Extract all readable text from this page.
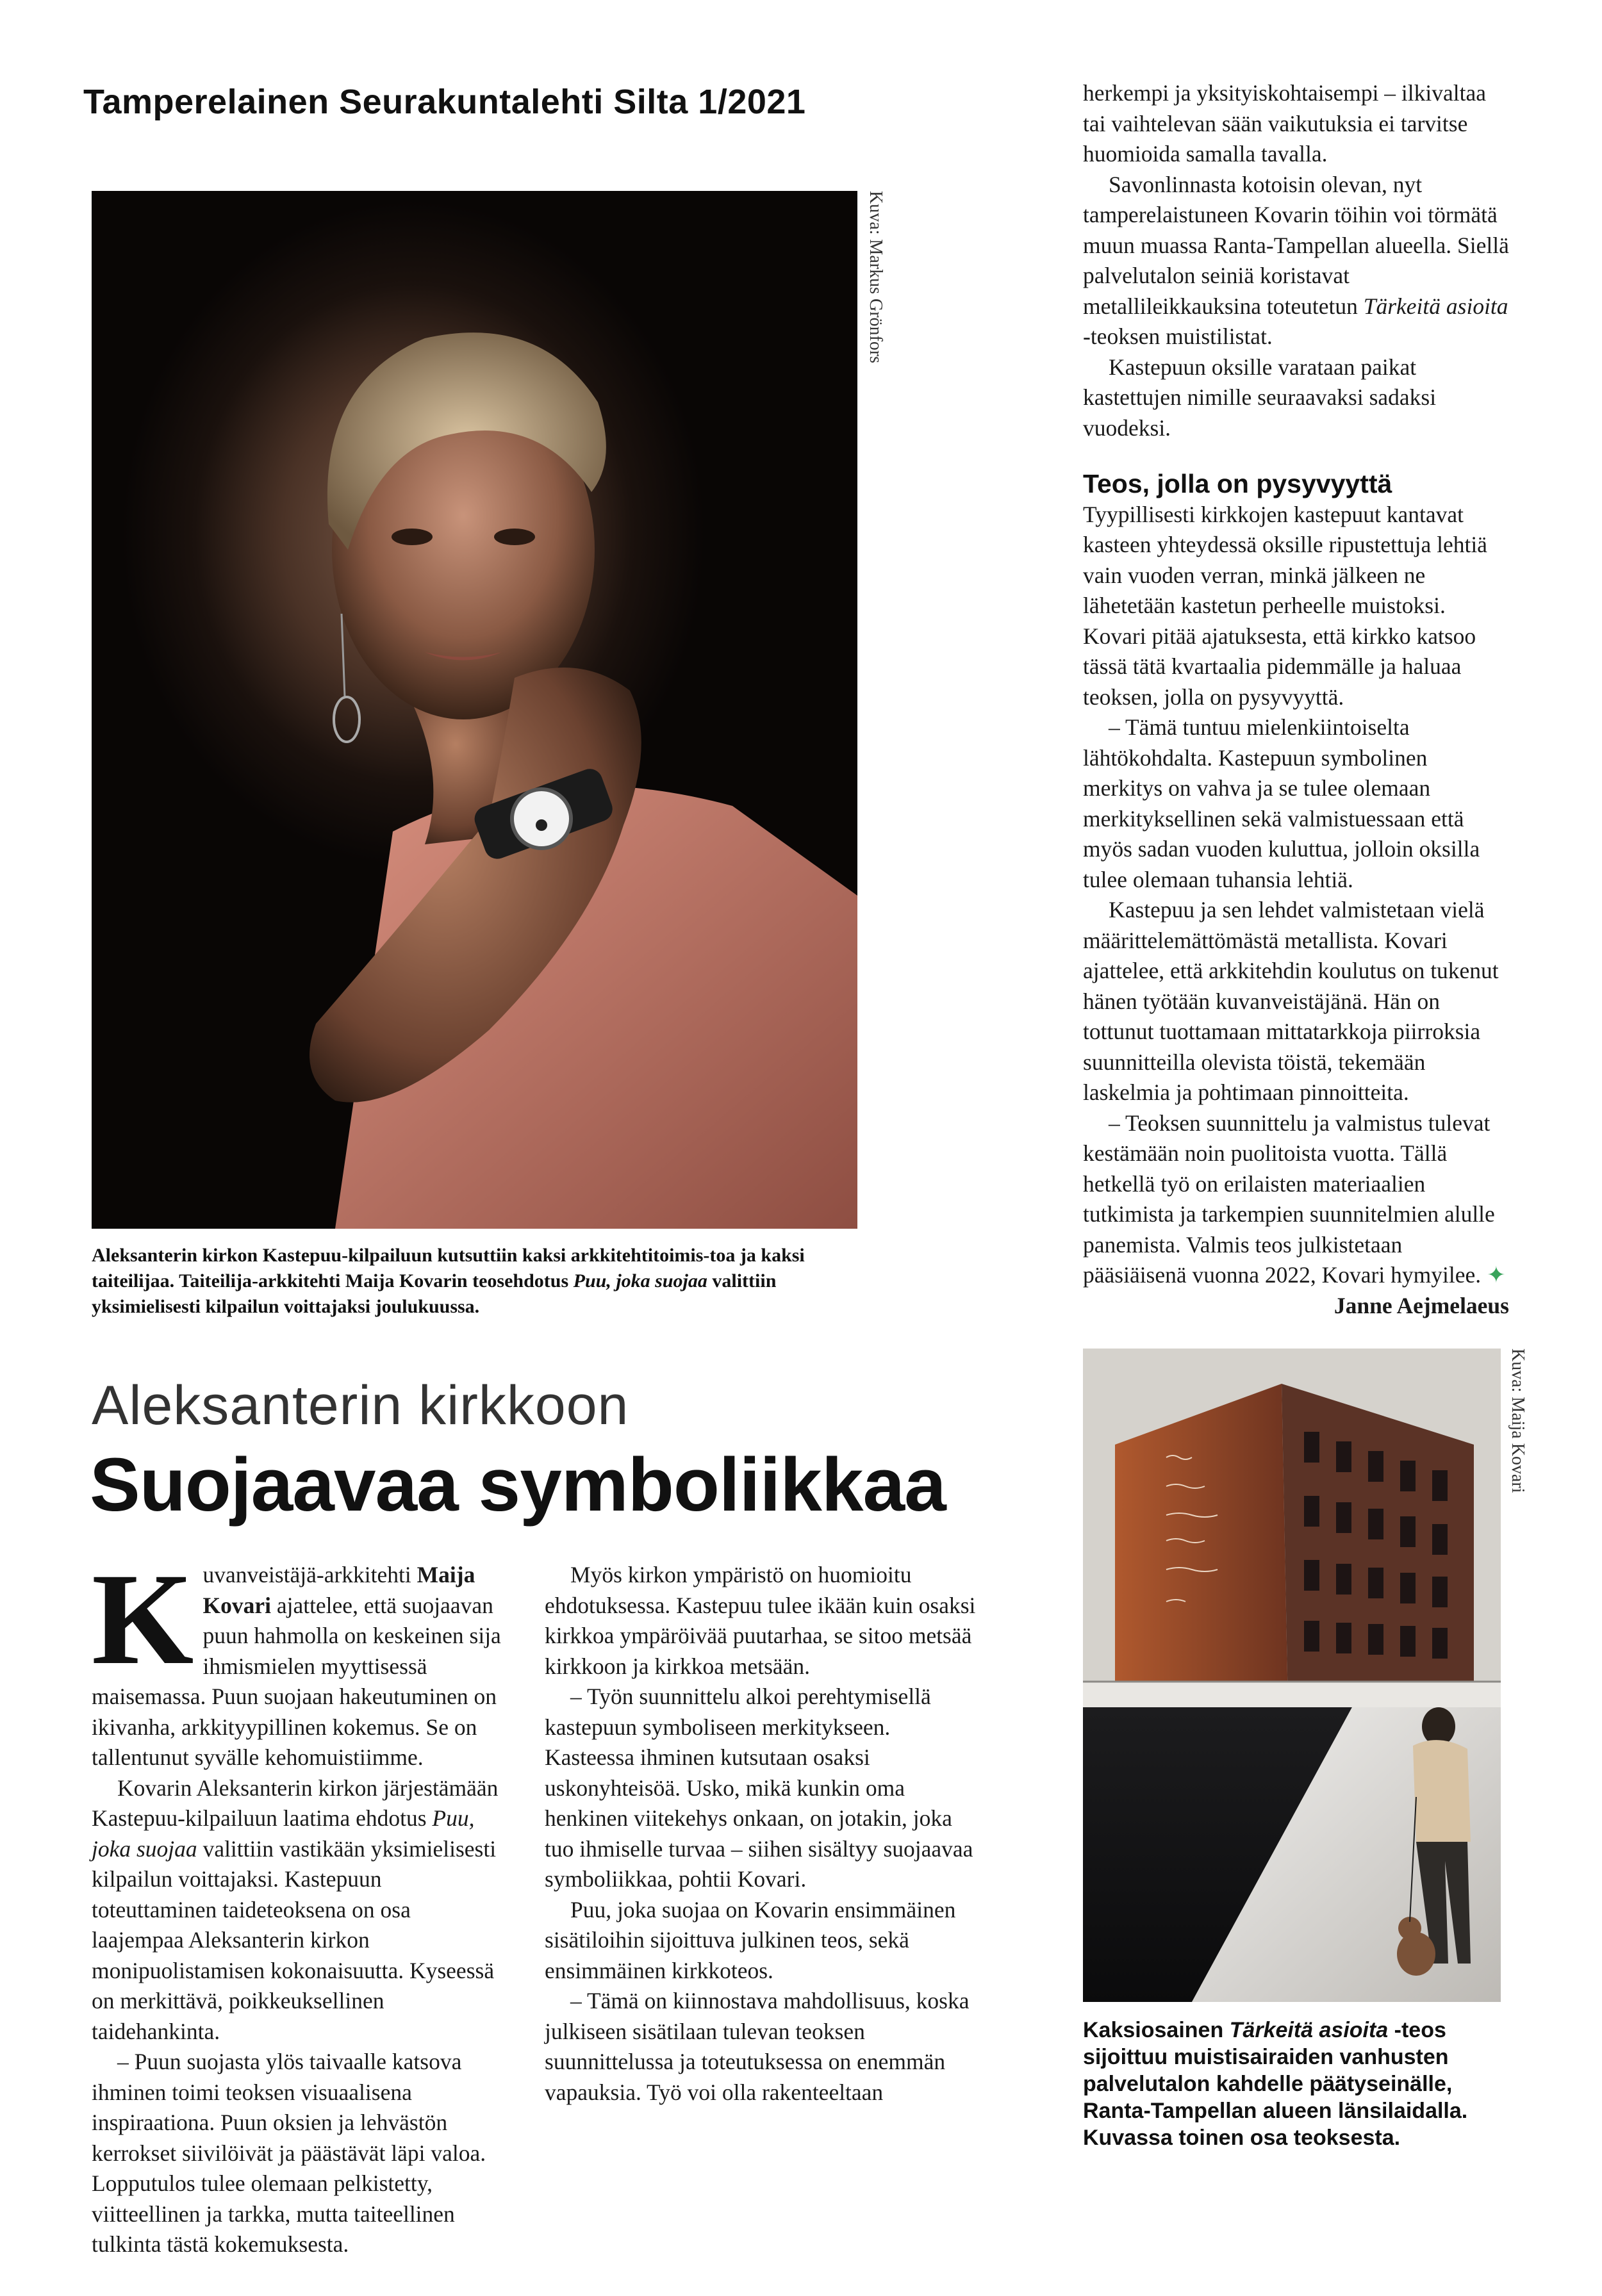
Tamperelainen Seurakuntalehti Silta 1/2021
Kuva: Markus Grönfors
Aleksanterin kirkon Kastepuu-kilpailuun kutsuttiin kaksi arkkitehtitoimis-toa ja kaksi taiteilijaa. Taiteilija-arkkitehti Maija Kovarin teosehdotus Puu, joka suojaa valittiin yksimielisesti kilpailun voittajaksi joulukuussa.
Aleksanterin kirkkoon
Suojaavaa symboliikkaa

Kuvanveistäjä-arkkitehti Maija Kovari ajattelee, että suojaavan puun hahmolla on keskeinen sija ihmismielen myyttisessä maisemassa. Puun suojaan hakeutuminen on ikivanha, arkkityypillinen kokemus. Se on tallentunut syvälle kehomuistiimme.

Kovarin Aleksanterin kirkon järjestämään Kastepuu-kilpailuun laatima ehdotus Puu, joka suojaa valittiin vastikään yksimielisesti kilpailun voittajaksi. Kastepuun toteuttaminen taideteoksena on osa laajempaa Aleksanterin kirkon monipuolistamisen kokonaisuutta. Kyseessä on merkittävä, poikkeuksellinen taidehankinta.

– Puun suojasta ylös taivaalle katsova ihminen toimi teoksen visuaalisena inspiraationa. Puun oksien ja lehvästön kerrokset siivilöivät ja päästävät läpi valoa. Lopputulos tulee olemaan pelkistetty, viitteellinen ja tarkka, mutta taiteellinen tulkinta tästä kokemuksesta.

Myös kirkon ympäristö on huomioitu ehdotuksessa. Kastepuu tulee ikään kuin osaksi kirkkoa ympäröivää puutarhaa, se sitoo metsää kirkkoon ja kirkkoa metsään.

– Työn suunnittelu alkoi perehtymisellä kastepuun symboliseen merkitykseen. Kasteessa ihminen kutsutaan osaksi uskonyhteisöä. Usko, mikä kunkin oma henkinen viitekehys onkaan, on jotakin, joka tuo ihmiselle turvaa – siihen sisältyy suojaavaa symboliikkaa, pohtii Kovari.

Puu, joka suojaa on Kovarin ensimmäinen sisätiloihin sijoittuva julkinen teos, sekä ensimmäinen kirkkoteos.

– Tämä on kiinnostava mahdollisuus, koska julkiseen sisätilaan tulevan teoksen suunnittelussa ja toteutuksessa on enemmän vapauksia. Työ voi olla rakenteeltaan

herkempi ja yksityiskohtaisempi – ilkivaltaa tai vaihtelevan sään vaikutuksia ei tarvitse huomioida samalla tavalla.

Savonlinnasta kotoisin olevan, nyt tamperelaistuneen Kovarin töihin voi törmätä muun muassa Ranta-Tampellan alueella. Siellä palvelutalon seiniä koristavat metallileikkauksina toteutetun Tärkeitä asioita -teoksen muistilistat.

Kastepuun oksille varataan paikat kastettujen nimille seuraavaksi sadaksi vuodeksi.

Teos, jolla on pysyvyyttä

Tyypillisesti kirkkojen kastepuut kantavat kasteen yhteydessä oksille ripustettuja lehtiä vain vuoden verran, minkä jälkeen ne lähetetään kastetun perheelle muistoksi. Kovari pitää ajatuksesta, että kirkko katsoo tässä tätä kvartaalia pidemmälle ja haluaa teoksen, jolla on pysyvyyttä.

– Tämä tuntuu mielenkiintoiselta lähtökohdalta. Kastepuun symbolinen merkitys on vahva ja se tulee olemaan merkityksellinen sekä valmistuessaan että myös sadan vuoden kuluttua, jolloin oksilla tulee olemaan tuhansia lehtiä.

Kastepuu ja sen lehdet valmistetaan vielä määrittelemättömästä metallista. Kovari ajattelee, että arkkitehdin koulutus on tukenut hänen työtään kuvanveistäjänä. Hän on tottunut tuottamaan mittatarkkoja piirroksia suunnitteilla olevista töistä, tekemään laskelmia ja pohtimaan pinnoitteita.

– Teoksen suunnittelu ja valmistus tulevat kestämään noin puolitoista vuotta. Tällä hetkellä työ on erilaisten materiaalien tutkimista ja tarkempien suunnitelmien alulle panemista. Valmis teos julkistetaan pääsiäisenä vuonna 2022, Kovari hymyilee. ✦

Janne Aejmelaeus
Kuva: Maija Kovari
Kaksiosainen Tärkeitä asioita -teos sijoittuu muistisairaiden vanhusten palvelutalon kahdelle päätyseinälle, Ranta-Tampellan alueen länsilaidalla. Kuvassa toinen osa teoksesta.
